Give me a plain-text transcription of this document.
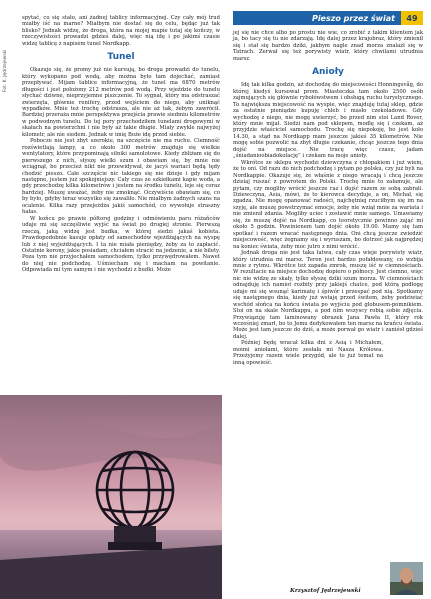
Pieszo przez świat	49
Fot. K. Jędrzejewski

spytać, co się stało, ani żadnej tablicy informacyjnej. Czy cały mój trud miałby iść na marne? Miałbym nie dostać się do celu, będąc już tak blisko? Jednak widzę, że droga, która na mojej mapie tutaj się kończy, w rzeczywistości prowadzi gdzieś dalej, więc nią idę i po jakimś czasie widzę tablicę z napisem tunel Nordkapp.

Tunel

Okazuje się, że promy już nie kursują, bo droga prowadzi do tunelu, który wykopano pod wodą, aby można było tam dojechać, zamiast przepływać. Mijam tablice informacyjną, że tunel ma 6870 metrów długości i jest położony 212 metrów pod wodą. Przy wjeździe do tunelu słychać dziwne, nieprzyjemne piszczenie. To sygnał, który ma odstraszać zwierzęta, głównie renifery, przed wejściem do niego, aby uniknąć wypadków. Mnie też trochę odstrasza, ale nie aż tak, żebym zawrócił. Bardziej przeraża mnie perspektywa przejścia prawie siedmiu kilometrów w podwodnym tunelu. Do tej pory przechodziłem tunelami drogowymi w skałach na powierzchni i nie były aż takie długie. Miały zwykle najwyżej kilometr, ale nie siedem. Jednak w imię Boże idę przed siebie.

Pobocze nie jest zbyt szerokie, na szczęście nie ma ruchu. Ciemność rozświetlają lampy, a co około 300 metrów znajduje się wielkie wentylatory, które przypominają silniki samolotowe. Kiedy zbliżam się do pierwszego z nich, słyszę wielki szum i obawiam się, by mnie nie wciągnął, bo przecież nikt nie przewidywał, że jacyś wariaci będą tędy chodzić pieszo. Całe szczęście nic takiego się nie dzieje i gdy mijam następne, jestem już spokojniejszy. Cały czas ze szkiełkami kapie woda, a gdy przechodzę kilka kilometrów i jestem na środku tunelu, leje się coraz bardziej. Muszę uważać, żeby nie zmoknąć. Oczywiście obawiam się, co by było, gdyby teraz wszystko się zawaliło. Nie miałbym żadnych szans na ocalenie. Kilka razy przejeżdża jakiś samochód, co wywołuje straszny hałas.

W końcu po prawie półtorej godziny i odmówieniu paru różańców udaje mi się szczęśliwie wyjść na świat po drugiej stronie. Pierwszą rzeczą, jaką widzę jest budka, w której siedzi jakaś kobieta. Prawdopodobnie kasuje opłaty od samochodów wjeżdżających na wyspę lub z niej wyjeżdżających. I ta nie miała pieniędzy, żeby za to zapłacić. Ostatnie korony, jakie posiadam, chciałem stracić na jedzenie, a nie bilety. Poza tym nie przyjechałem samochodem, tylko przywędrowałem. Nawet do niej nie podchodzę. Uśmiecham się i macham na powitanie. Odpowiada mi tym samym i nie wychodzi z budki. Może

jej się nie chce albo po prostu nie wie, co zrobić z takim klientem jak ja, bo tacy się tu nie zdarzają. Idę dalej przez krajobraz, który zmienił się i stał się bardzo dziki, jakbym nagle znad morza znalazł się w Tatrach. Zerwał się też porywisty wiatr, który chwilami utrudnia marsz.

Anioły

Idę tak kilka godzin, aż dochodzę do miejscowości Honningsvåg, do której kiedyś kursował prom. Miasteczka tam około 2500 osób zajmujących się głównie rybołówstwem i obsługą ruchu turystycznego. To największa miejscowość na wyspie, więc znajduję tutaj sklep, gdzie za ostatnie pieniądze kupuję chleb i masło czekoladowe. Gdy wychodzę z niego, nie mogę uwierzyć, bo przed nim stoi Land Rover, który mnie mijał. Siedzi nam pod sklepem, modlę się i czekam, aż przyjdzie właściciel samochodu. Trochę się niepokoję, bo jest koło 14.30, a stąd na Nordkapp mam jeszcze jakieś 35 kilometrów. Nie mogę sobie pozwolić na zbyt długie czekanie, chcąc jeszcze tego dnia dojść na miejsce. Nie tracę więc czasu, jadam „śniadanioobiadokolację” i czekam na moje anioły.

Wkrótce ze sklepu wychodzi dziewczyna z chłopakiem i już wiem, że to oni. Od razu do nich podchodzę i pytam po polsku, czy już byli na Nordkappie. Okazuje się, że właśnie z niego wracają i chcą jeszcze dzisiaj ruszać z powrotem do Polski. Trochę mnie to załamuje, ale pytam, czy mogliby wrócić jeszcze raz i dojść razem ze sobą zabrali. Dziewczyna, Asia, mówi, że to kierowca decyduje, a on, Michał, się zgadza. Nie mogę opanować radości, najchętniej rzuciłbym się im na szyję, ale muszę powstrzymać emocje, żeby nie wziął mnie za wariata i nie zmienił zdania. Mogliby uciec i zostawić mnie samego. Umawiamy się, że muszę dojść na Nordkapp, co teoretycznie powinno zająć mi około 5 godzin. Powinienem tam dojść około 19.00. Mamy się tam spotkać i razem wracać następnego dnia. Oni chcą jeszcze zwiedzić miejscowość, więc żegnamy się i wyruszam, bo dotrzeć jak najprędzej na koniec świata, żeby moc jutro z nimi wrócić.

Jednak droga nie jest taka łatwa, cały czas wieje porywisty wiatr, który utrudnia mi marsz. Teren jest bardzo pofałdowany, co wzbija mnie z rytmu. Wkrótce też zapada zmrok, muszę iść w ciemnościach. W rezultacie na miejsce dochodzę dopiero o północy. Jest ciemno, więc nic nie widzę ze skały, tylko słyszę dziki szum morza. W ciemnościach odnajduję ich namiot rozbity przy jakiejś chatce, pod którą podłogę udaje mi się wsunąć karimatę i śpiwór i przespać pod nią. Spotkamy się następnego dnia, kiedy już wstaję przed świtem, żeby podziwiać wschód słońca na końcu świata po wyjściu pod globusem-pomnikiem. Stoi on na skale Nordkappu, a pod nim wszyscy robią sobie zdjęcia. Przywiązuję tam laminowany obrazek Jana Pawła II, który rok wcześniej zmarł, bo to Jemu dedykowałem ten marsz na krańcu świata. Może jest tam jeszcze do dziś, a może porwał go wiatr i zaniósł gdzieś dalej.

Później będę wracał kilka dni z Asią i Michałem, moimi aniołami, które zesłała mi Nasza Królowa. Przeżyjemy razem wiele przygód, ale to już temat na inną opowieść.

Krzysztof Jędrzejewski
